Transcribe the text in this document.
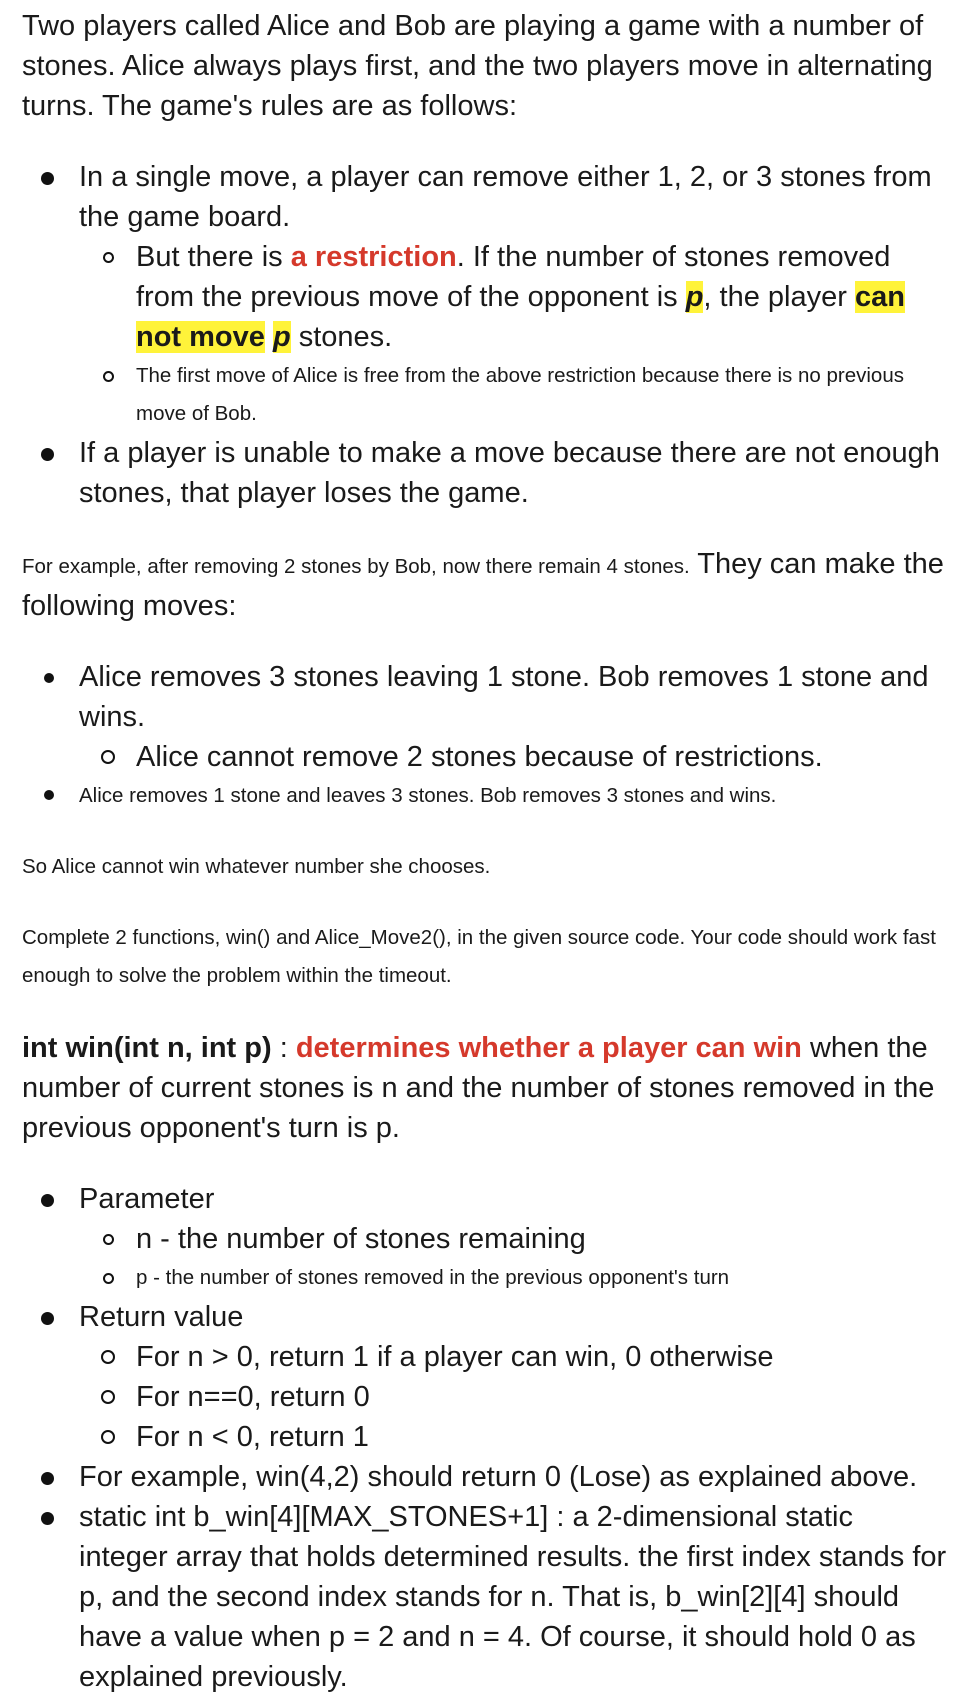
Two players called Alice and Bob are playing a game with a number of stones. Alice always plays first, and the two players move in alternating turns. The game's rules are as follows:

In a single move, a player can remove either 1, 2, or 3 stones from the game board.
But there is a restriction. If the number of stones removed from the previous move of the opponent is p, the player can not move p stones.
The first move of Alice is free from the above restriction because there is no previous move of Bob.
If a player is unable to make a move because there are not enough stones, that player loses the game.

For example, after removing 2 stones by Bob, now there remain 4 stones. They can make the following moves:

Alice removes 3 stones leaving 1 stone. Bob removes 1 stone and wins.
Alice cannot remove 2 stones because of restrictions.
Alice removes 1 stone and leaves 3 stones. Bob removes 3 stones and wins.

So Alice cannot win whatever number she chooses.

Complete 2 functions, win() and Alice_Move2(), in the given source code. Your code should work fast enough to solve the problem within the timeout.

int win(int n, int p) : determines whether a player can win when the number of current stones is n and the number of stones removed in the previous opponent's turn is p.

Parameter
n - the number of stones remaining
p - the number of stones removed in the previous opponent's turn
Return value
For n > 0, return 1 if a player can win, 0 otherwise
For n==0, return 0
For n < 0, return 1
For example, win(4,2) should return 0 (Lose) as explained above.
static int b_win[4][MAX_STONES+1] : a 2-dimensional static integer array that holds determined results. the first index stands for p, and the second index stands for n. That is, b_win[2][4] should have a value when p = 2 and n = 4. Of course, it should hold 0 as explained previously.
